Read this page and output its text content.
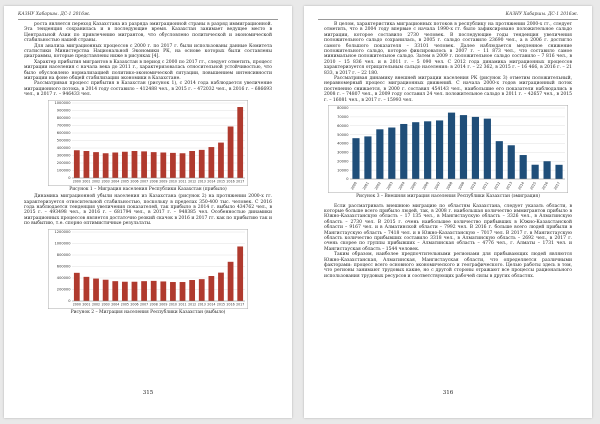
КАЗНУ Хабаршы. ДС-1 2016ж.

роста является переход Казахстана из разряда эмиграционной страны в разряд иммиграционной. Эта тенденция сохранилась и в последующие время. Казахстан занимает ведущее место в Центральной Азии по привлечению мигрантов, что обусловлено политической и экономической стабильностью нашей страны.

Для анализа миграционных процессов с 2000 г. по 2017 г. были использованы данные Комитета статистики Министерства Национальной Экономики РК, на основе которых были составлены диаграммы, которые представлены ниже в рисунках [4].

Характер прибытия мигрантов в Казахстан в период с 2000 по 2017 гг., следует отметить, процесс миграции населения с начала века до 2011 г., характеризовалась относительной устойчивостью, что было обусловлено нормализацией политико-экономической ситуации, повышением интенсивности миграции на фоне общей стабилизации экономики в Казахстане.

Рассматривая процесс прибытия в Казахстан (рисунок 1), с 2014 года наблюдается увеличение миграционного потока, в 2014 году составило – 412488 чел., в 2015 г. – 472032 чел., в 2016 г. – 686693 чел., в 2017 г. – 946433 чел.

0
100000
200000
300000
400000
500000
600000
700000
800000
900000
1000000
2000 2001 2002 2003 2004 2005 2006 2007 2008 2009 2010 2011 2012 2013 2014 2015 2016 2017
Рисунок 1 – Миграция населения Республики Казахстан (прибыло)

Динамика миграционной убыли населения из Казахстана (рисунок 2) на протяжении 2000-х гг. характеризуется относительной стабильностью, поскольку в пределах 350-400 тыс. человек. С 2016 года наблюдается тенденция увеличения показателей, так прибыло в 2014 г. выбыло 434762 чел., в 2015 г. – 493498 чел., в 2016 г. – 681794 чел., в 2017 г. – 948385 чел. Особенностью динамики миграционных процессов является достаточно резкий скачок в 2016 и 2017 гг. как по прибытию так и по выбытию, т.е. спорно оптимистичные результаты.

0
200000
400000
600000
800000
1000000
1200000
2000 2001 2002 2003 2004 2005 2006 2007 2008 2009 2010 2011 2012 2013 2014 2015 2016 2017
Рисунок 2 – Миграция населения Республики Казахстан (выбыло)
315
КАЗНУ Хабаршы. ДС-1 2016ж.

В целом, характеристика миграционных потоков в республику на протяжении 2000-х гг., следует отметить, что в 2004 году впервые с начала 1990-х гг. было зафиксировано положительное сальдо миграции, которое составило 2730 человек. В последующие годы тенденция увеличения положительного сальдо сохранилась, в 2005 г. сальдо составило 23690 чел., а в 2006 г. достигло самого большого показателя – 33101 человек. Далее наблюдается медленное снижение положительного сальдо, которое фиксировалось в 2007 г. – 11 873 чел., что составило самое минимальное положительное сальдо. Затем в 2009 г. положительное сальдо составило – 7 816 чел., в 2010 – 15 836 чел. и в 2011 г. – 5 090 чел. С 2012 года динамика миграционных процессов характеризуется отрицательным сальдо населения: в 2014 г. – 22 362, в 2015 г. – 16 466, в 2016 г. – 21 833, в 2017 г. – 22 180.

Рассматривая динамику внешней миграции населения РК (рисунок 3) отметим положительный, неравномерный процесс миграционных движений. С начала 2000-х годов миграционный поток постепенно снижается, в 2000 г. составил 454143 чел., наибольшие его показатели наблюдались в 2008 г. – 74807 чел., в 2009 году составил 24 чел. положительное сальдо в 2011 г. – 42657 чел., в 2015 г. – 16081 чел., в 2017 г. – 15993 чел.

0
10000
20000
30000
40000
50000
60000
70000
80000
2000 2001 2002 2003 2004 2005 2006 2007 2008 2009 2010 2011 2012 2013 2014 2015 2016 2017
Рисунок 3 – Внешняя миграция населения Республики Казахстан (эмиграция)

Если рассматривать внешнюю миграцию по областям Казахстана, следует указать области, в которые больше всего прибыло людей, так, в 2008 г. наибольшая количество иммигрантов прибыло в Южно-Казахстанскую область – 17 135 чел., в Мангистаускую область – 3326 чел., в Алматинскую область – 2730 чел. В 2015 г. очень наибольшее количество прибывших в Южно-Казахстанской области – 9167 чел. и в Алматинской области – 7992 чел. В 2016 г. больше всего людей прибыли в Мангистаускую область – 7418 чел. и в Южно-Казахстанскую – 7017 чел. В 2017 г. в Мангистаускую область количество прибывших составило 3318 чел., в Алматинскую область – 2692 чел., в 2017 г. очень скорее по группы прибывших – Алматинская область – 4776 чел., г. Алматы – 1731 чел. и Мангистауская область – 1544 человек.

Таким образом, наиболее предпочтительными регионами для прибывающих людей являются Южно-Казахстанская, Алматинская, Мангистауская области, что определяется различными факторами: процесс всего основного экономического и географического. Целью работы здесь в том, что регионы занимают трудовых какие, но с другой стороны отражают все процессы рационального использования трудовых ресурсов и соответствующих рабочей силы в других областях.

316
